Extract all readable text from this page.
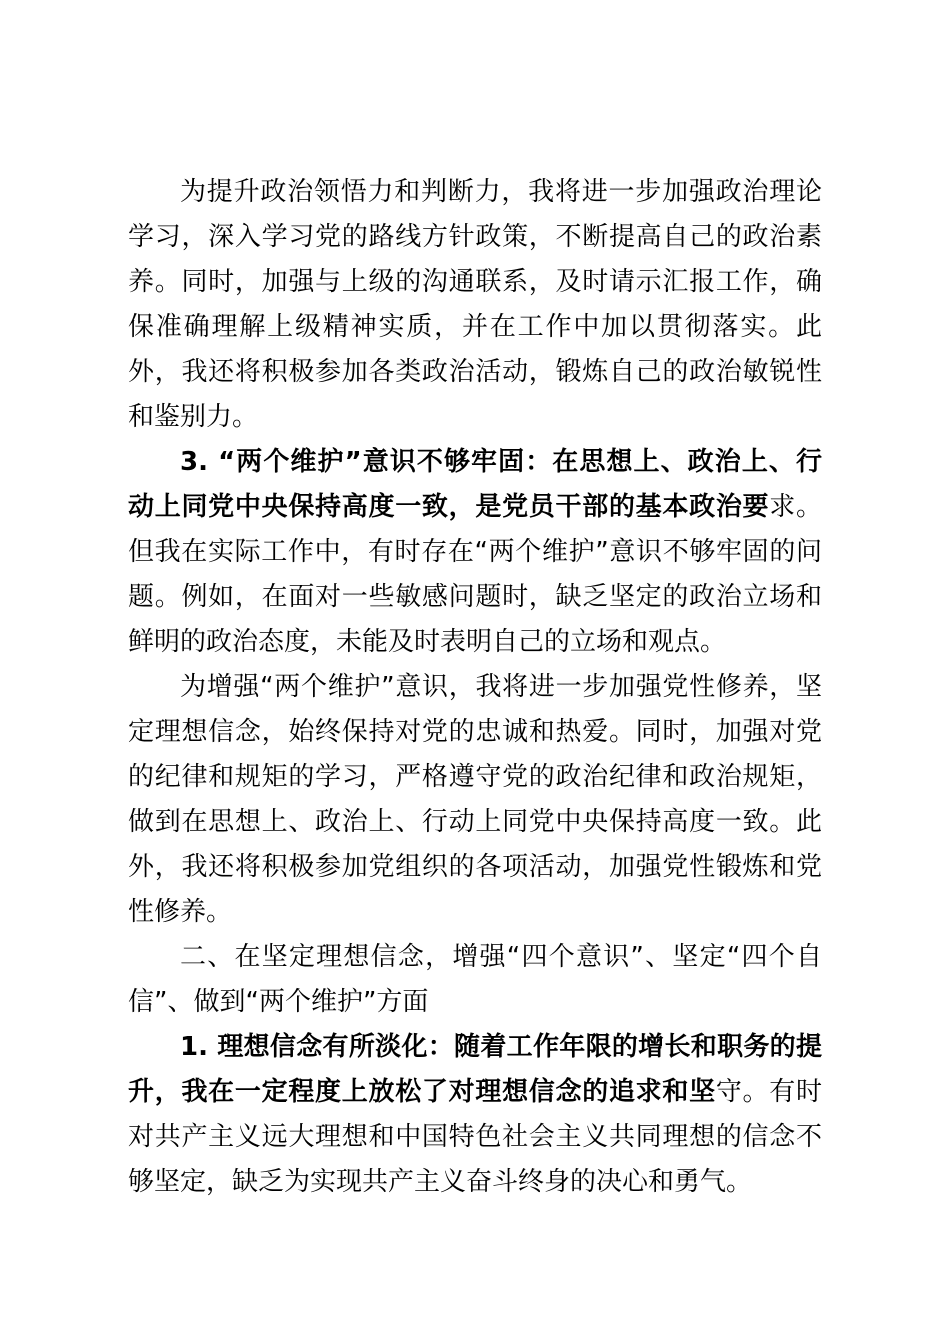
为提升政治领悟力和判断力，我将进一步加强政治理论学习，深入学习党的路线方针政策，不断提高自己的政治素养。同时，加强与上级的沟通联系，及时请示汇报工作，确保准确理解上级精神实质，并在工作中加以贯彻落实。此外，我还将积极参加各类政治活动，锻炼自己的政治敏锐性和鉴别力。

3. “两个维护”意识不够牢固：在思想上、政治上、行动上同党中央保持高度一致，是党员干部的基本政治要求。但我在实际工作中，有时存在“两个维护”意识不够牢固的问题。例如，在面对一些敏感问题时，缺乏坚定的政治立场和鲜明的政治态度，未能及时表明自己的立场和观点。

为增强“两个维护”意识，我将进一步加强党性修养，坚定理想信念，始终保持对党的忠诚和热爱。同时，加强对党的纪律和规矩的学习，严格遵守党的政治纪律和政治规矩，做到在思想上、政治上、行动上同党中央保持高度一致。此外，我还将积极参加党组织的各项活动，加强党性锻炼和党性修养。

二、在坚定理想信念，增强“四个意识”、坚定“四个自信”、做到“两个维护”方面

1. 理想信念有所淡化：随着工作年限的增长和职务的提升，我在一定程度上放松了对理想信念的追求和坚守。有时对共产主义远大理想和中国特色社会主义共同理想的信念不够坚定，缺乏为实现共产主义奋斗终身的决心和勇气。
